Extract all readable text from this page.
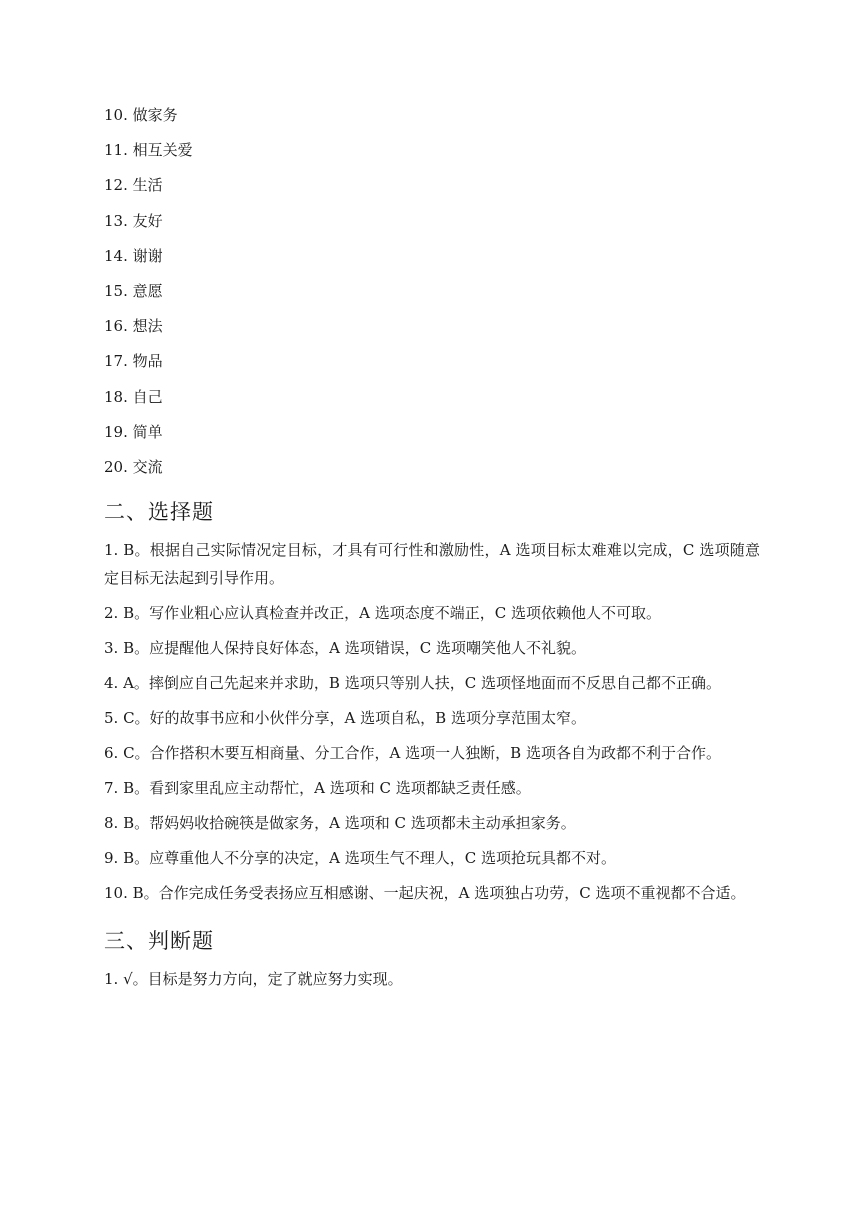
10. 做家务
11. 相互关爱
12. 生活
13. 友好
14. 谢谢
15. 意愿
16. 想法
17. 物品
18. 自己
19. 简单
20. 交流
二、选择题

1. B。根据自己实际情况定目标，才具有可行性和激励性，A 选项目标太难难以完成，C 选项随意定目标无法起到引导作用。

2. B。写作业粗心应认真检查并改正，A 选项态度不端正，C 选项依赖他人不可取。

3. B。应提醒他人保持良好体态，A 选项错误，C 选项嘲笑他人不礼貌。

4. A。摔倒应自己先起来并求助，B 选项只等别人扶，C 选项怪地面而不反思自己都不正确。

5. C。好的故事书应和小伙伴分享，A 选项自私，B 选项分享范围太窄。

6. C。合作搭积木要互相商量、分工合作，A 选项一人独断，B 选项各自为政都不利于合作。

7. B。看到家里乱应主动帮忙，A 选项和 C 选项都缺乏责任感。

8. B。帮妈妈收拾碗筷是做家务，A 选项和 C 选项都未主动承担家务。

9. B。应尊重他人不分享的决定，A 选项生气不理人，C 选项抢玩具都不对。

10. B。合作完成任务受表扬应互相感谢、一起庆祝，A 选项独占功劳，C 选项不重视都不合适。

三、判断题

1. √。目标是努力方向，定了就应努力实现。
